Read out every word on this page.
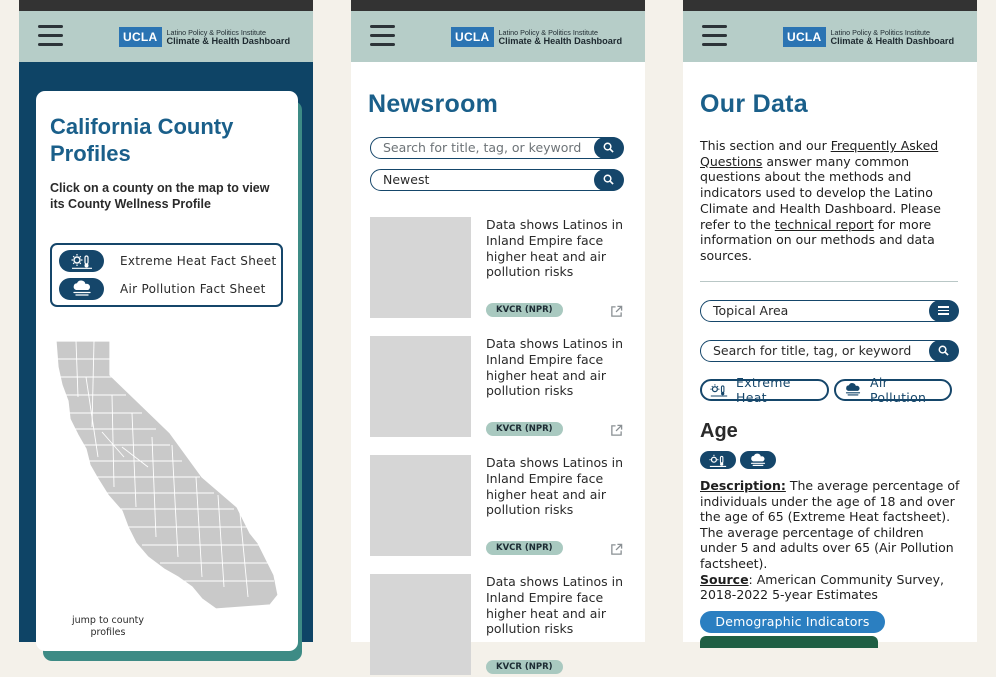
UCLA	Latino Policy & Politics Institute
Climate & Health Dashboard
California County Profiles
Click on a county on the map to view its County Wellness Profile
Extreme Heat Fact Sheet
Air Pollution Fact Sheet
jump to county profiles
UCLA	Latino Policy & Politics Institute
Climate & Health Dashboard
Newsroom
Search for title, tag, or keyword
Newest
Data shows Latinos in Inland Empire face higher heat and air pollution risks
KVCR (NPR)
Data shows Latinos in Inland Empire face higher heat and air pollution risks
KVCR (NPR)
Data shows Latinos in Inland Empire face higher heat and air pollution risks
KVCR (NPR)
Data shows Latinos in Inland Empire face higher heat and air pollution risks
KVCR (NPR)
UCLA	Latino Policy & Politics Institute
Climate & Health Dashboard
Our Data
This section and our Frequently Asked Questions answer many common questions about the methods and indicators used to develop the Latino Climate and Health Dashboard. Please refer to the technical report for more information on our methods and data sources.
Topical Area
Search for title, tag, or keyword
Extreme Heat
Air Pollution
Age
Description: The average percentage of individuals under the age of 18 and over the age of 65 (Extreme Heat factsheet). The average percentage of children under 5 and adults over 65 (Air Pollution factsheet).
Source: American Community Survey, 2018-2022 5-year Estimates
Demographic Indicators
